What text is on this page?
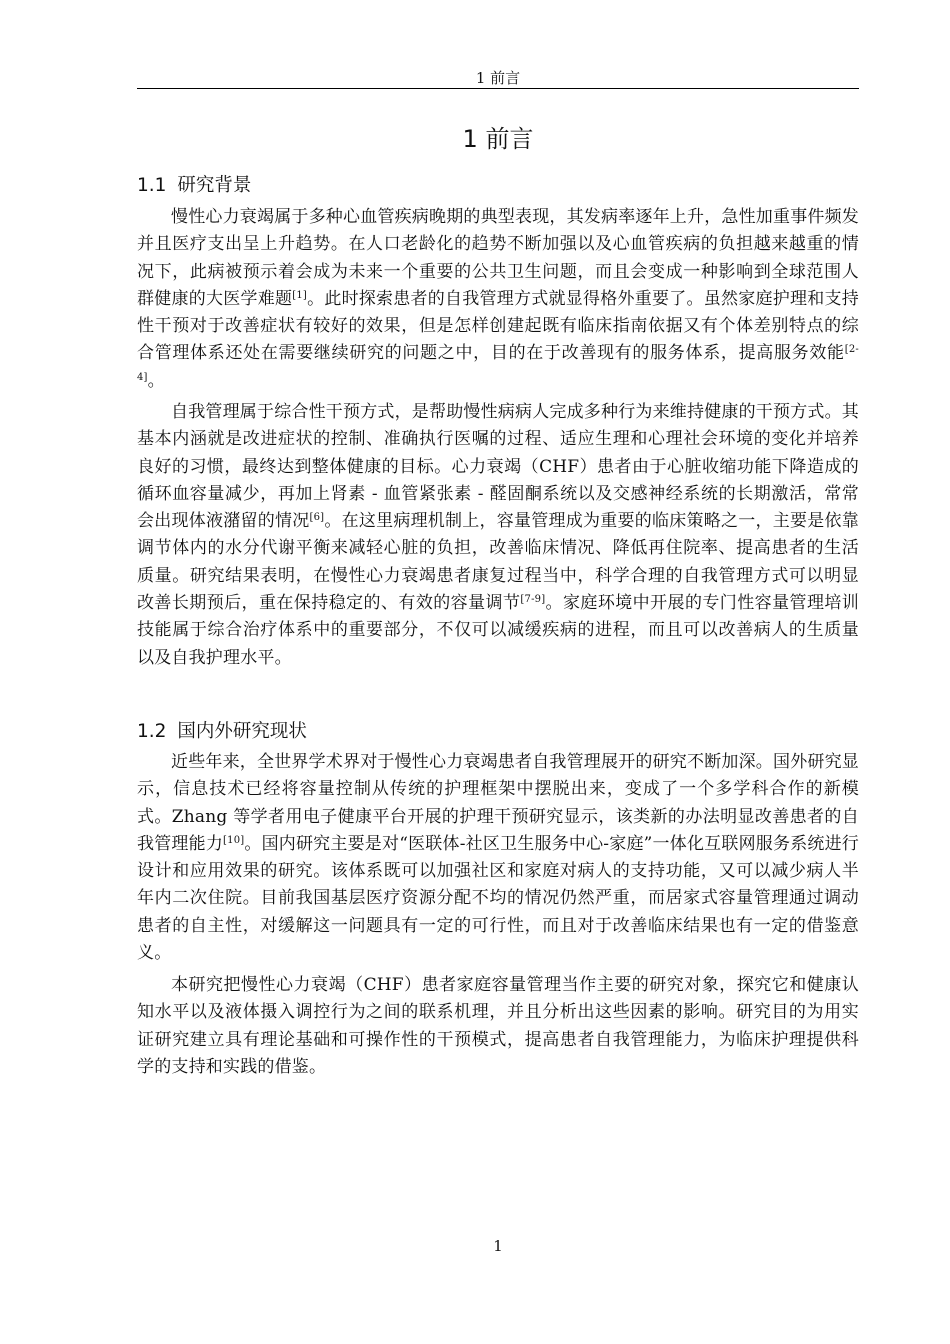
1 前言
1 前言
1.1 研究背景

慢性心力衰竭属于多种心血管疾病晚期的典型表现，其发病率逐年上升，急性加重事件频发并且医疗支出呈上升趋势。在人口老龄化的趋势不断加强以及心血管疾病的负担越来越重的情况下，此病被预示着会成为未来一个重要的公共卫生问题，而且会变成一种影响到全球范围人群健康的大医学难题[1]。此时探索患者的自我管理方式就显得格外重要了。虽然家庭护理和支持性干预对于改善症状有较好的效果，但是怎样创建起既有临床指南依据又有个体差别特点的综合管理体系还处在需要继续研究的问题之中，目的在于改善现有的服务体系，提高服务效能[2-4]。

自我管理属于综合性干预方式，是帮助慢性病病人完成多种行为来维持健康的干预方式。其基本内涵就是改进症状的控制、准确执行医嘱的过程、适应生理和心理社会环境的变化并培养良好的习惯，最终达到整体健康的目标。心力衰竭（CHF）患者由于心脏收缩功能下降造成的循环血容量减少，再加上肾素 - 血管紧张素 - 醛固酮系统以及交感神经系统的长期激活，常常会出现体液潴留的情况[6]。在这里病理机制上，容量管理成为重要的临床策略之一，主要是依靠调节体内的水分代谢平衡来减轻心脏的负担，改善临床情况、降低再住院率、提高患者的生活质量。研究结果表明，在慢性心力衰竭患者康复过程当中，科学合理的自我管理方式可以明显改善长期预后，重在保持稳定的、有效的容量调节[7-9]。家庭环境中开展的专门性容量管理培训技能属于综合治疗体系中的重要部分，不仅可以减缓疾病的进程，而且可以改善病人的生质量以及自我护理水平。

1.2 国内外研究现状

近些年来，全世界学术界对于慢性心力衰竭患者自我管理展开的研究不断加深。国外研究显示，信息技术已经将容量控制从传统的护理框架中摆脱出来，变成了一个多学科合作的新模式。Zhang 等学者用电子健康平台开展的护理干预研究显示，该类新的办法明显改善患者的自我管理能力[10]。国内研究主要是对“医联体-社区卫生服务中心-家庭”一体化互联网服务系统进行设计和应用效果的研究。该体系既可以加强社区和家庭对病人的支持功能，又可以减少病人半年内二次住院。目前我国基层医疗资源分配不均的情况仍然严重，而居家式容量管理通过调动患者的自主性，对缓解这一问题具有一定的可行性，而且对于改善临床结果也有一定的借鉴意义。

本研究把慢性心力衰竭（CHF）患者家庭容量管理当作主要的研究对象，探究它和健康认知水平以及液体摄入调控行为之间的联系机理，并且分析出这些因素的影响。研究目的为用实证研究建立具有理论基础和可操作性的干预模式，提高患者自我管理能力，为临床护理提供科学的支持和实践的借鉴。

1
